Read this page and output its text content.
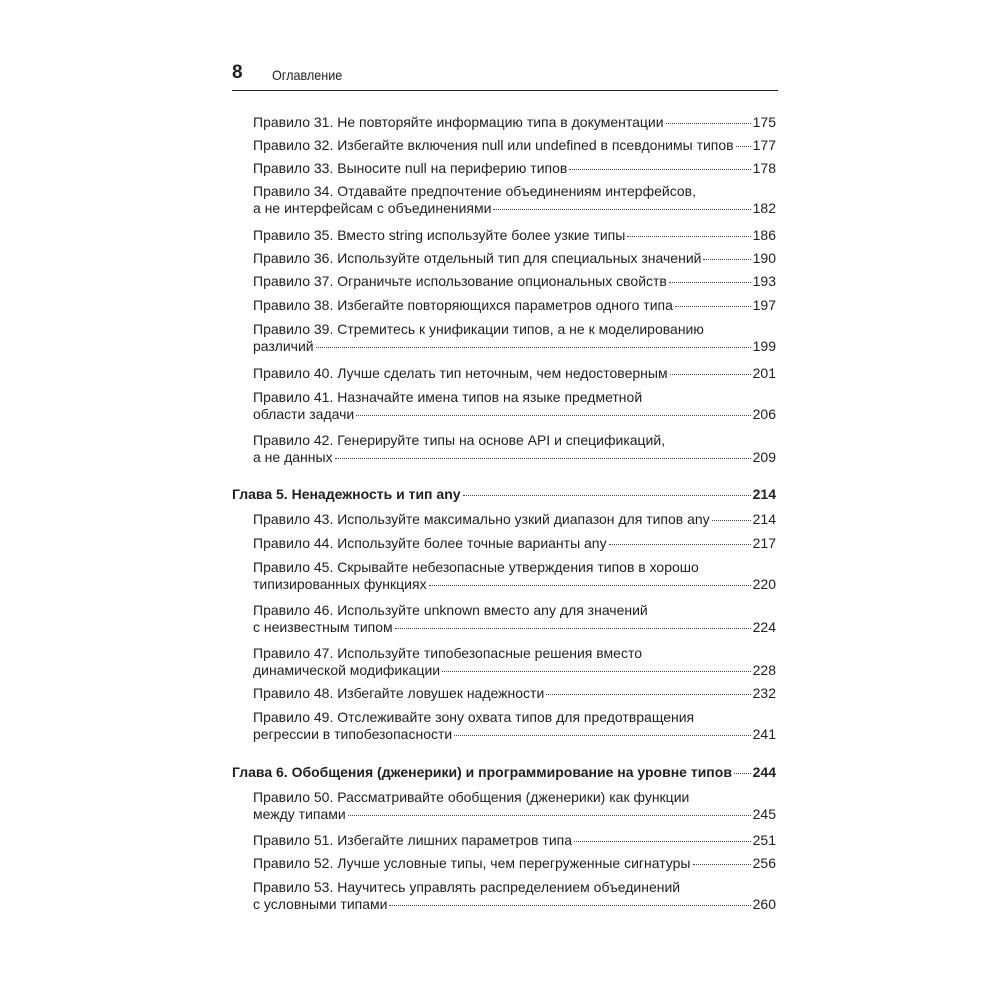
8 Оглавление
Правило 31. Не повторяйте информацию типа в документации	175
Правило 32. Избегайте включения null или undefined в псевдонимы типов 177
Правило 33. Выносите null на периферию типов	178
Правило 34. Отдавайте предпочтение объединениям интерфейсов,
а не интерфейсам с объединениями	182
Правило 35. Вместо string используйте более узкие типы	186
Правило 36. Используйте отдельный тип для специальных значений	190
Правило 37. Ограничьте использование опциональных свойств	193
Правило 38. Избегайте повторяющихся параметров одного типа	197
Правило 39. Стремитесь к унификации типов, а не к моделированию
различий	199
Правило 40. Лучше сделать тип неточным, чем недостоверным	201
Правило 41. Назначайте имена типов на языке предметной
области задачи	206
Правило 42. Генерируйте типы на основе API и спецификаций,
а не данных	209
Глава 5. Ненадежность и тип any	214
Правило 43. Используйте максимально узкий диапазон для типов any	214
Правило 44. Используйте более точные варианты any	217
Правило 45. Скрывайте небезопасные утверждения типов в хорошо
типизированных функциях	220
Правило 46. Используйте unknown вместо any для значений
с неизвестным типом	224
Правило 47. Используйте типобезопасные решения вместо
динамической модификации	228
Правило 48. Избегайте ловушек надежности	232
Правило 49. Отслеживайте зону охвата типов для предотвращения
регрессии в типобезопасности	241
Глава 6. Обобщения (дженерики) и программирование на уровне типов 244
Правило 50. Рассматривайте обобщения (дженерики) как функции
между типами	245
Правило 51. Избегайте лишних параметров типа	251
Правило 52. Лучше условные типы, чем перегруженные сигнатуры	256
Правило 53. Научитесь управлять распределением объединений
с условными типами	260
